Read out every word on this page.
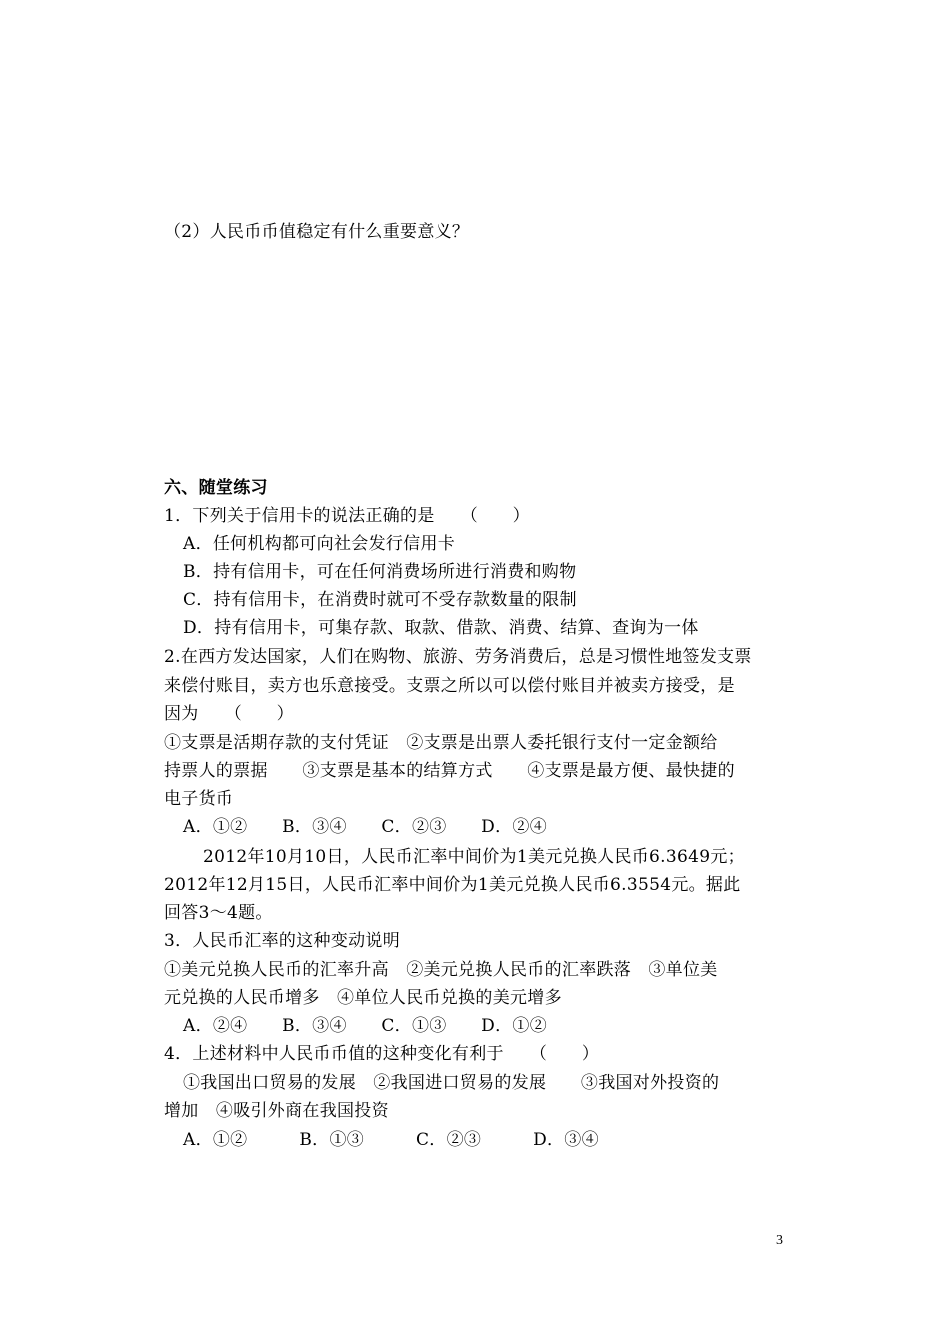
（2）人民币币值稳定有什么重要意义？
六、随堂练习
1．下列关于信用卡的说法正确的是　　（　　）
A．任何机构都可向社会发行信用卡
B．持有信用卡，可在任何消费场所进行消费和购物
C．持有信用卡，在消费时就可不受存款数量的限制
D．持有信用卡，可集存款、取款、借款、消费、结算、查询为一体
2.在西方发达国家，人们在购物、旅游、劳务消费后，总是习惯性地签发支票
来偿付账目，卖方也乐意接受。支票之所以可以偿付账目并被卖方接受，是
因为　　（　　）
①支票是活期存款的支付凭证　②支票是出票人委托银行支付一定金额给
持票人的票据　　③支票是基本的结算方式　　④支票是最方便、最快捷的
电子货币
A．①②　　B．③④　　C．②③　　D．②④
2012年10月10日，人民币汇率中间价为1美元兑换人民币6.3649元；
2012年12月15日，人民币汇率中间价为1美元兑换人民币6.3554元。据此
回答3～4题。
3．人民币汇率的这种变动说明
①美元兑换人民币的汇率升高　②美元兑换人民币的汇率跌落　③单位美
元兑换的人民币增多　④单位人民币兑换的美元增多
A．②④　　B．③④　　C．①③　　D．①②
4．上述材料中人民币币值的这种变化有利于　　（　　）
①我国出口贸易的发展　②我国进口贸易的发展　　③我国对外投资的
增加　④吸引外商在我国投资
A．①②　　　B．①③　　　C．②③　　　D．③④
3
